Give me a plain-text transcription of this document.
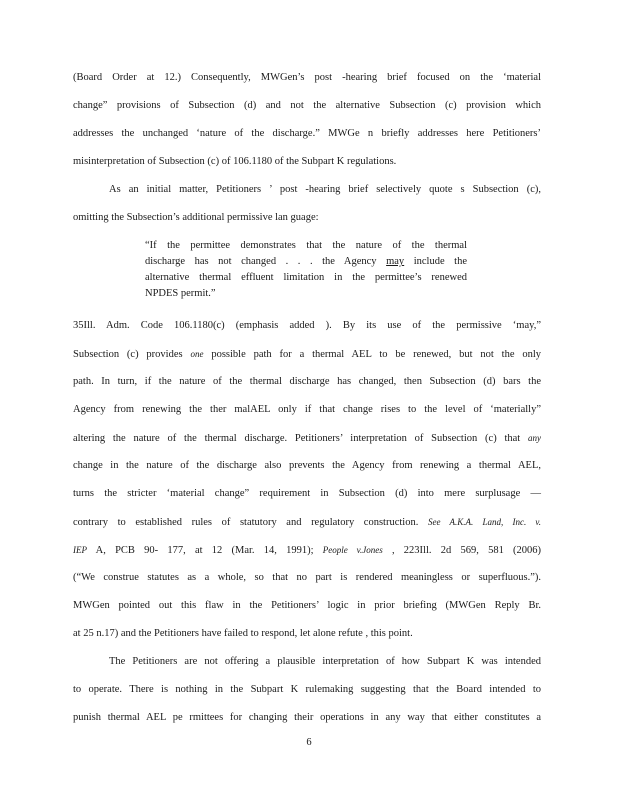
(Board Order at 12.) Consequently, MWGen’s post -hearing brief focused on the ‘material
change” provisions of Subsection (d) and not the alternative Subsection (c) provision which
addresses the unchanged ‘nature of the discharge.” MWGe n briefly addresses here Petitioners’
misinterpretation of Subsection (c) of 106.1180 of the Subpart K regulations.
As an initial matter, Petitioners ’ post -hearing brief selectively quote s Subsection (c),
omitting the Subsection’s additional permissive lan guage:
“If the permittee demonstrates that the nature of the thermal
discharge has not changed . . . the Agency may include the
alternative thermal effluent limitation in the permittee’s renewed
NPDES permit.”
35Ill. Adm. Code 106.1180(c) (emphasis added ). By its use of the permissive ‘may,”
Subsection (c) provides one possible path for a thermal AEL to be renewed, but not the only
path. In turn, if the nature of the thermal discharge has changed, then Subsection (d) bars the
Agency from renewing the ther malAEL only if that change rises to the level of ‘materially”
altering the nature of the thermal discharge. Petitioners’ interpretation of Subsection (c) that any
change in the nature of the discharge also prevents the Agency from renewing a thermal AEL,
turns the stricter ‘material change” requirement in Subsection (d) into mere surplusage —
contrary to established rules of statutory and regulatory construction. See A.K.A. Land, Inc. v.
IEP A, PCB 90- 177, at 12 (Mar. 14, 1991); People v.Jones , 223Ill. 2d 569, 581 (2006)
(“We construe statutes as a whole, so that no part is rendered meaningless or superfluous.”).
MWGen pointed out this flaw in the Petitioners’ logic in prior briefing (MWGen Reply Br.
at 25 n.17) and the Petitioners have failed to respond, let alone refute , this point.
The Petitioners are not offering a plausible interpretation of how Subpart K was intended
to operate. There is nothing in the Subpart K rulemaking suggesting that the Board intended to
punish thermal AEL pe rmittees for changing their operations in any way that either constitutes a
6
